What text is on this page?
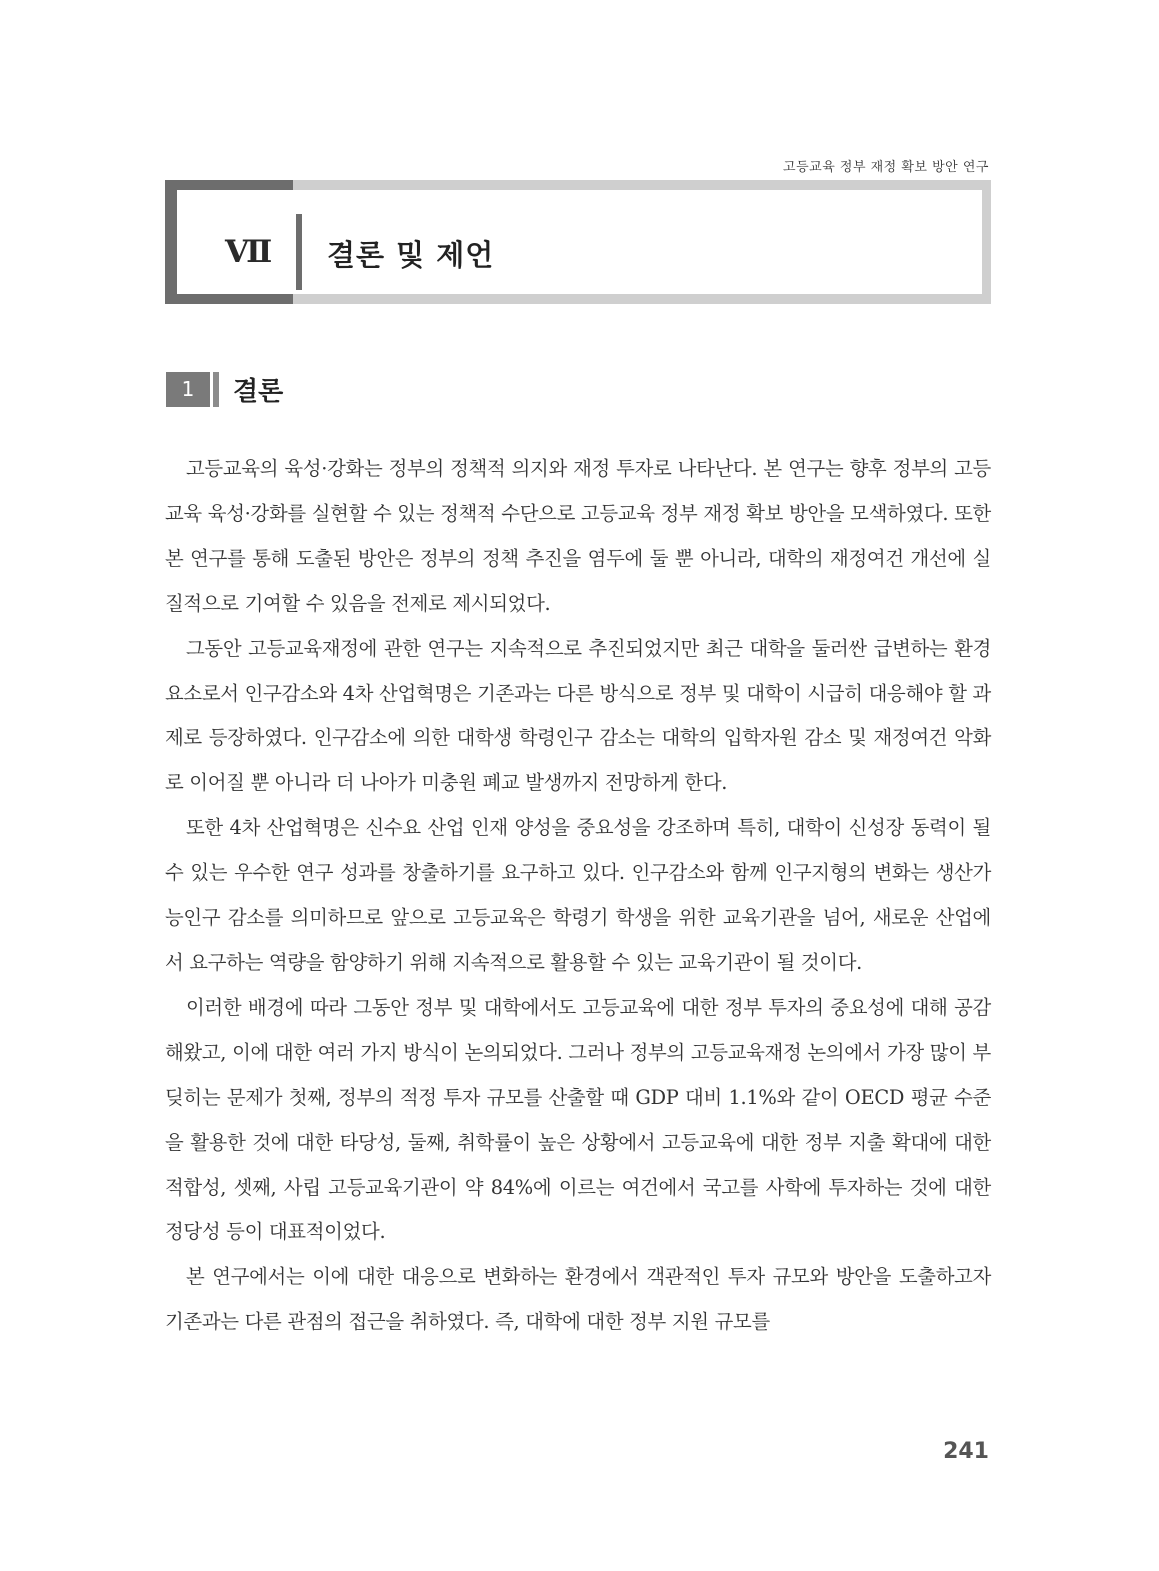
고등교육 정부 재정 확보 방안 연구
Ⅶ 결론 및 제언
1	결론

고등교육의 육성·강화는 정부의 정책적 의지와 재정 투자로 나타난다. 본 연구는 향후 정부의 고등교육 육성·강화를 실현할 수 있는 정책적 수단으로 고등교육 정부 재정 확보 방안을 모색하였다. 또한 본 연구를 통해 도출된 방안은 정부의 정책 추진을 염두에 둘 뿐 아니라, 대학의 재정여건 개선에 실질적으로 기여할 수 있음을 전제로 제시되었다.

그동안 고등교육재정에 관한 연구는 지속적으로 추진되었지만 최근 대학을 둘러싼 급변하는 환경 요소로서 인구감소와 4차 산업혁명은 기존과는 다른 방식으로 정부 및 대학이 시급히 대응해야 할 과제로 등장하였다. 인구감소에 의한 대학생 학령인구 감소는 대학의 입학자원 감소 및 재정여건 악화로 이어질 뿐 아니라 더 나아가 미충원 폐교 발생까지 전망하게 한다.

또한 4차 산업혁명은 신수요 산업 인재 양성을 중요성을 강조하며 특히, 대학이 신성장 동력이 될 수 있는 우수한 연구 성과를 창출하기를 요구하고 있다. 인구감소와 함께 인구지형의 변화는 생산가능인구 감소를 의미하므로 앞으로 고등교육은 학령기 학생을 위한 교육기관을 넘어, 새로운 산업에서 요구하는 역량을 함양하기 위해 지속적으로 활용할 수 있는 교육기관이 될 것이다.

이러한 배경에 따라 그동안 정부 및 대학에서도 고등교육에 대한 정부 투자의 중요성에 대해 공감해왔고, 이에 대한 여러 가지 방식이 논의되었다. 그러나 정부의 고등교육재정 논의에서 가장 많이 부딪히는 문제가 첫째, 정부의 적정 투자 규모를 산출할 때 GDP 대비 1.1%와 같이 OECD 평균 수준을 활용한 것에 대한 타당성, 둘째, 취학률이 높은 상황에서 고등교육에 대한 정부 지출 확대에 대한 적합성, 셋째, 사립 고등교육기관이 약 84%에 이르는 여건에서 국고를 사학에 투자하는 것에 대한 정당성 등이 대표적이었다.

본 연구에서는 이에 대한 대응으로 변화하는 환경에서 객관적인 투자 규모와 방안을 도출하고자 기존과는 다른 관점의 접근을 취하였다. 즉, 대학에 대한 정부 지원 규모를

241
